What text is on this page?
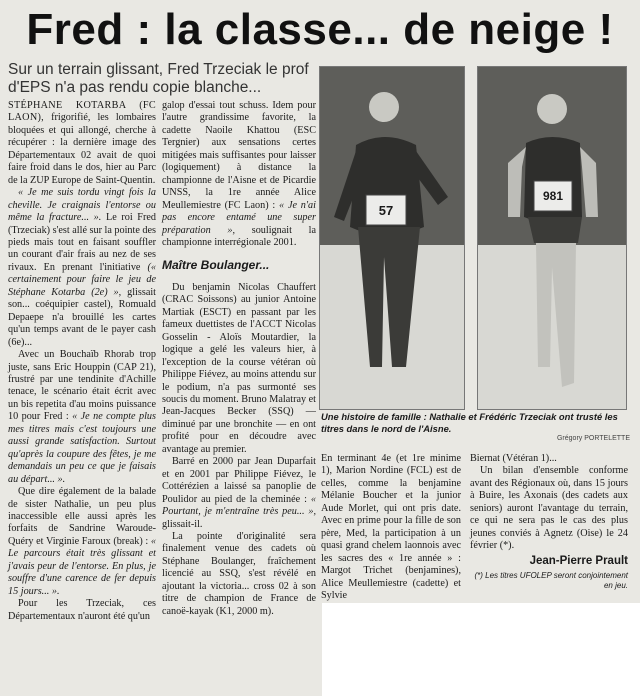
Fred : la classe... de neige !

Sur un terrain glissant, Fred Trzeciak le prof d'EPS n'a pas rendu copie blanche...

STÉPHANE KOTARBA (FC LAON), frigorifié, les lombaires bloquées et qui allongé, cherche à récupérer : la dernière image des Départementaux 02 avait de quoi faire froid dans le dos, hier au Parc de la ZUP Europe de Saint-Quentin.

« Je me suis tordu vingt fois la cheville. Je craignais l'entorse ou même la fracture... ». Le roi Fred (Trzeciak) s'est allé sur la pointe des pieds mais tout en faisant souffler un courant d'air frais au nez de ses rivaux. En prenant l'initiative (« certainement pour faire le jeu de Stéphane Kotarba (2e) », glissait son... coéquipier castel), Romuald Depaepe n'a brouillé les cartes qu'un temps avant de le payer cash (6e)...

Avec un Bouchaïb Rhorab trop juste, sans Eric Houppin (CAP 21), frustré par une tendinite d'Achille tenace, le scénario était écrit avec un bis repetita d'au moins puissance 10 pour Fred : « Je ne compte plus mes titres mais c'est toujours une aussi grande satisfaction. Surtout qu'après la coupure des fêtes, je me demandais un peu ce que je faisais au départ... ».

Que dire également de la balade de sister Nathalie, un peu plus inaccessible elle aussi après les forfaits de Sandrine Waroude-Quéry et Virginie Faroux (break) : « Le parcours était très glissant et j'avais peur de l'entorse. En plus, je souffre d'une carence de fer depuis 15 jours... ».

Pour les Trzeciak, ces Départementaux n'auront été qu'un

galop d'essai tout schuss. Idem pour l'autre grandissime favorite, la cadette Naoile Khattou (ESC Tergnier) aux sensations certes mitigées mais suffisantes pour laisser (logiquement) à distance la championne de l'Aisne et de Picardie UNSS, la 1re année Alice Meullemiestre (FC Laon) : « Je n'ai pas encore entamé une super préparation », soulignait la championne interrégionale 2001.

Maître Boulanger...

Du benjamin Nicolas Chauffert (CRAC Soissons) au junior Antoine Martiak (ESCT) en passant par les fameux duettistes de l'ACCT Nicolas Gosselin - Aloïs Moutardier, la logique a gelé les valeurs hier, à l'exception de la course vétéran où Philippe Fiévez, au moins attendu sur le podium, n'a pas surmonté ses soucis du moment. Bruno Malatray et Jean-Jacques Becker (SSQ) — diminué par une bronchite — en ont profité pour en découdre avec avantage au premier.

Barré en 2000 par Jean Duparfait et en 2001 par Philippe Fiévez, le Cottérézien a laissé sa panoplie de Poulidor au pied de la cheminée : « Pourtant, je m'entraîne très peu... », glissait-il.

La pointe d'originalité sera finalement venue des cadets où Stéphane Boulanger, fraîchement licencié au SSQ, s'est révélé en ajoutant la victoria... cross 02 à son titre de champion de France de canoë-kayak (K1, 2000 m).

57
981

Une histoire de famille : Nathalie et Frédéric Trzeciak ont trusté les titres dans le nord de l'Aisne.

Grégory PORTELETTE

En terminant 4e (et 1re minime 1), Marion Nordine (FCL) est de celles, comme la benjamine Mélanie Boucher et la junior Aude Morlet, qui ont pris date. Avec en prime pour la fille de son père, Med, la participation à un quasi grand chelem laonnois avec les sacres des « 1re année » : Margot Trichet (benjamines), Alice Meullemiestre (cadette) et Sylvie

Biernat (Vétéran 1)...

Un bilan d'ensemble conforme avant des Régionaux où, dans 15 jours à Buire, les Axonais (des cadets aux seniors) auront l'avantage du terrain, ce qui ne sera pas le cas des plus jeunes conviés à Agnetz (Oise) le 24 février (*).

Jean-Pierre Prault
(*) Les titres UFOLEP seront conjointement en jeu.
